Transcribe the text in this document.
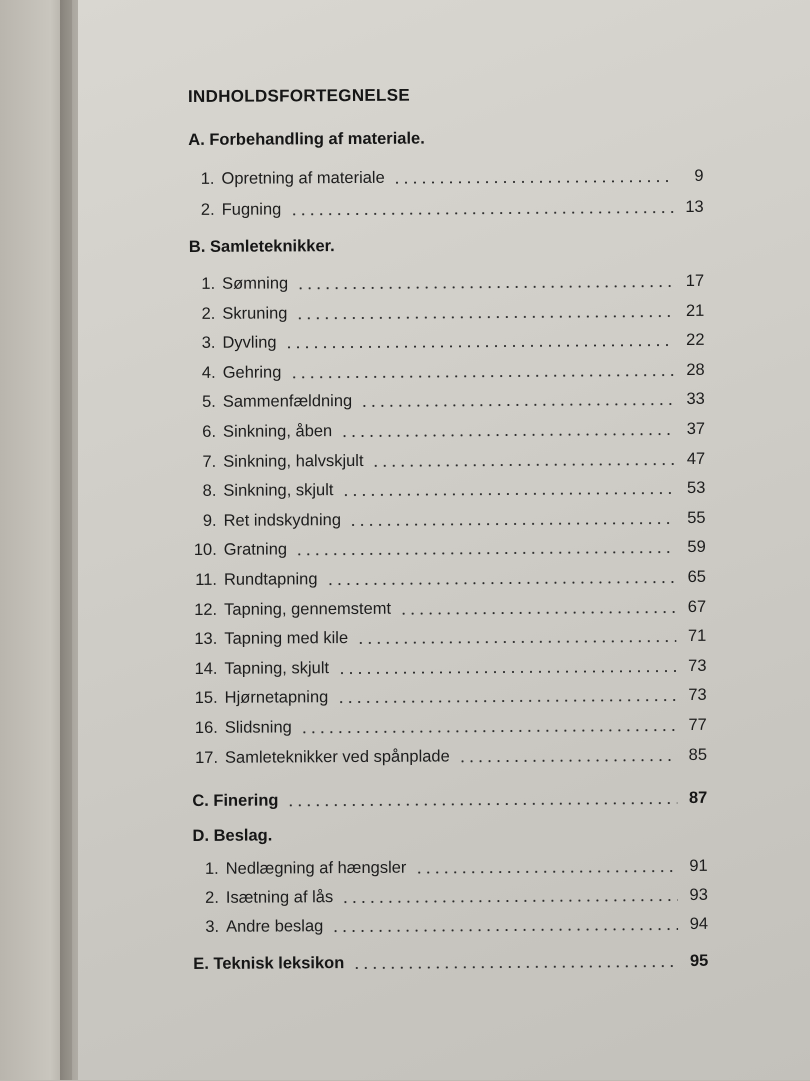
INDHOLDSFORTEGNELSE
A. Forbehandling af materiale.
1. Opretning af materiale	9
2. Fugning	13
B. Samleteknikker.
1. Sømning	17
2. Skruning	21
3. Dyvling	22
4. Gehring	28
5. Sammenfældning	33
6. Sinkning, åben	37
7. Sinkning, halvskjult	47
8. Sinkning, skjult	53
9. Ret indskydning	55
10. Gratning	59
11. Rundtapning	65
12. Tapning, gennemstemt	67
13. Tapning med kile	71
14. Tapning, skjult	73
15. Hjørnetapning	73
16. Slidsning	77
17. Samleteknikker ved spånplade	85
C. Finering	87
D. Beslag.
1. Nedlægning af hængsler	91
2. Isætning af lås	93
3. Andre beslag	94
E. Teknisk leksikon	95
